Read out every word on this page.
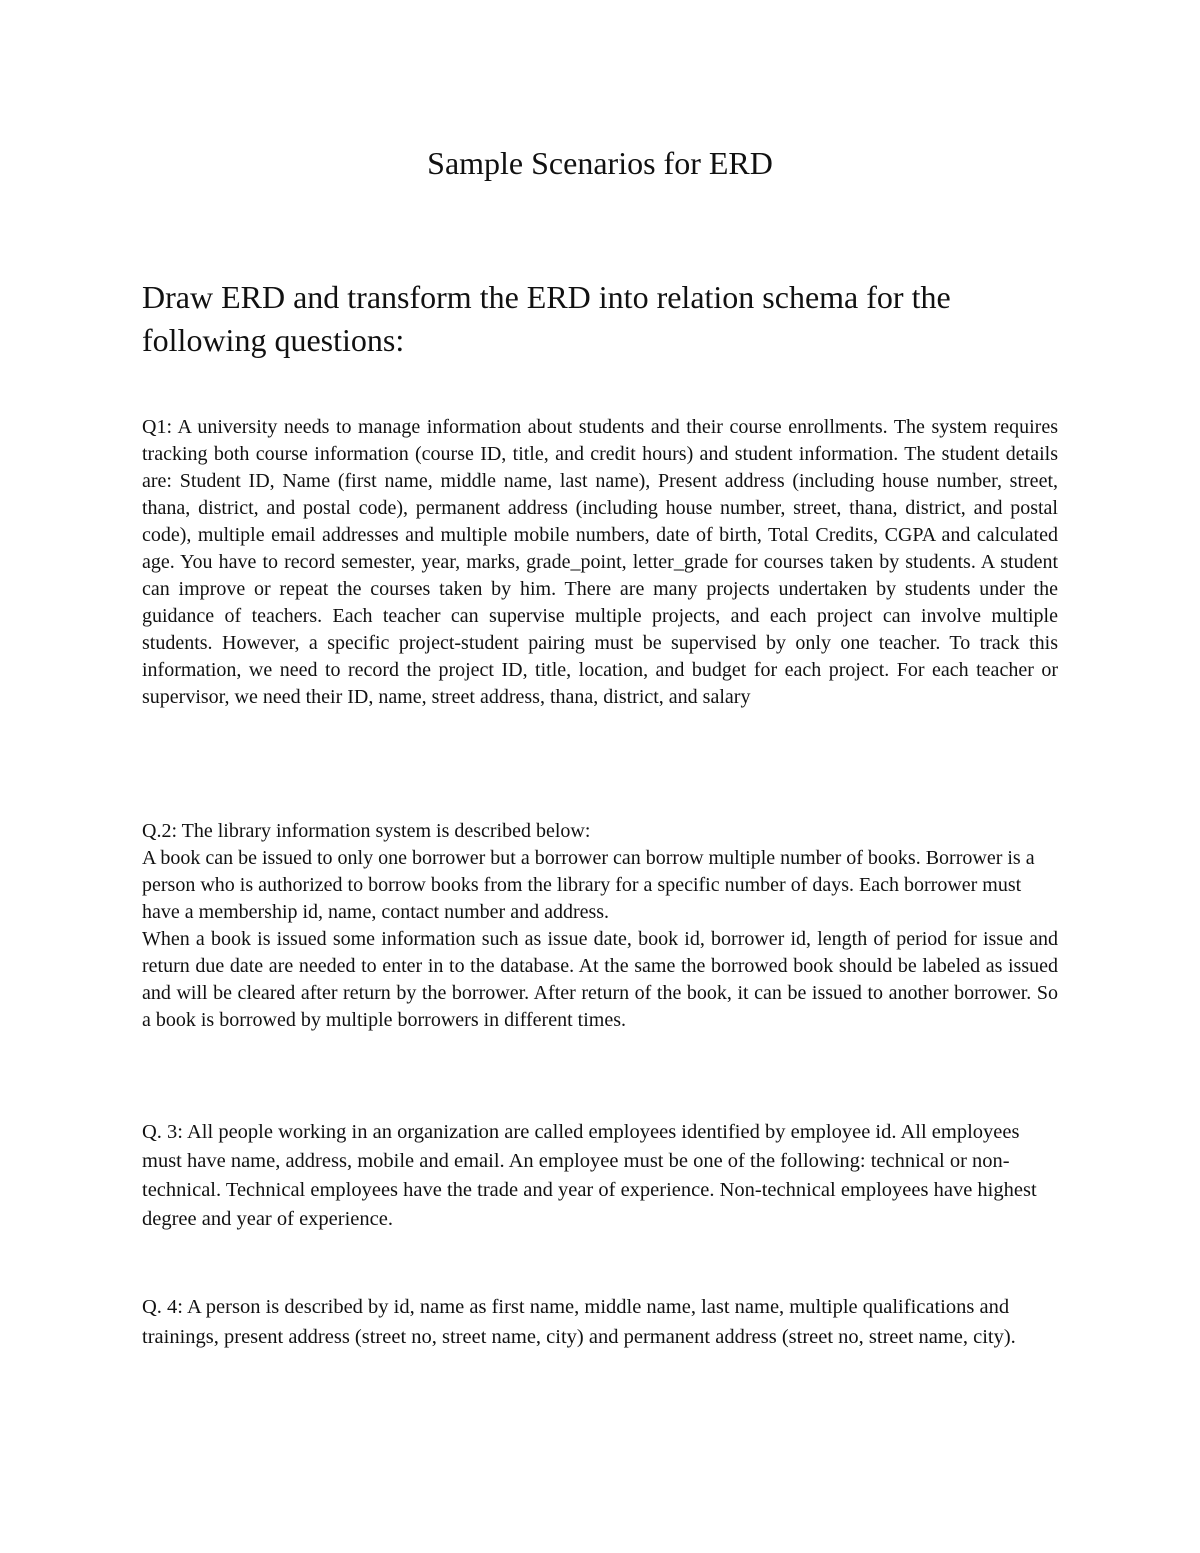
Sample Scenarios for ERD
Draw ERD and transform the ERD into relation schema for the following questions:

Q1: A university needs to manage information about students and their course enrollments. The system requires tracking both course information (course ID, title, and credit hours) and student information. The student details are: Student ID, Name (first name, middle name, last name), Present address (including house number, street, thana, district, and postal code), permanent address (including house number, street, thana, district, and postal code), multiple email addresses and multiple mobile numbers, date of birth, Total Credits, CGPA and calculated age. You have to record semester, year, marks, grade_point, letter_grade for courses taken by students. A student can improve or repeat the courses taken by him. There are many projects undertaken by students under the guidance of teachers. Each teacher can supervise multiple projects, and each project can involve multiple students. However, a specific project-student pairing must be supervised by only one teacher. To track this information, we need to record the project ID, title, location, and budget for each project. For each teacher or supervisor, we need their ID, name, street address, thana, district, and salary

Q.2: The library information system is described below:
A book can be issued to only one borrower but a borrower can borrow multiple number of books. Borrower is a person who is authorized to borrow books from the library for a specific number of days. Each borrower must have a membership id, name, contact number and address.
When a book is issued some information such as issue date, book id, borrower id, length of period for issue and return due date are needed to enter in to the database. At the same the borrowed book should be labeled as issued and will be cleared after return by the borrower. After return of the book, it can be issued to another borrower. So a book is borrowed by multiple borrowers in different times.

Q. 3: All people working in an organization are called employees identified by employee id. All employees must have name, address, mobile and email. An employee must be one of the following: technical or non-technical. Technical employees have the trade and year of experience. Non-technical employees have highest degree and year of experience.

Q. 4: A person is described by id, name as first name, middle name, last name, multiple qualifications and trainings, present address (street no, street name, city) and permanent address (street no, street name, city).
